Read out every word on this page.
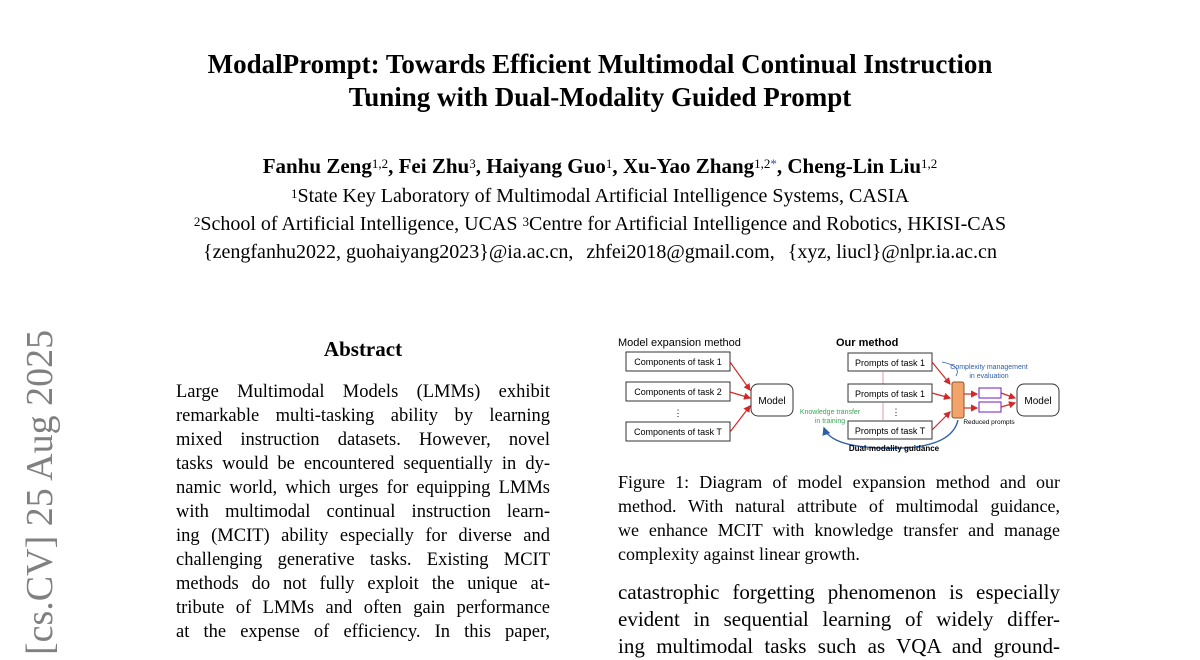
ModalPrompt: Towards Efficient Multimodal Continual Instruction
Tuning with Dual-Modality Guided Prompt
Fanhu Zeng$^{1,2}$, Fei Zhu$^3$, Haiyang Guo$^1$, Xu-Yao Zhang$^{1,2*}$, Cheng-Lin Liu$^{1,2}$
$^1$State Key Laboratory of Multimodal Artificial Intelligence Systems, CASIA
$^2$School of Artificial Intelligence, UCAS $^3$Centre for Artificial Intelligence and Robotics, HKISI-CAS
{zengfanhu2022, guohaiyang2023}@ia.ac.cn, zhfei2018@gmail.com, {xyz, liucl}@nlpr.ia.ac.cn
[cs.CV] 25 Aug 2025	Abstract
Large Multimodal Models (LMMs) exhibit
remarkable multi-tasking ability by learning
mixed instruction datasets. However, novel
tasks would be encountered sequentially in dy-
namic world, which urges for equipping LMMs
with multimodal continual instruction learn-
ing (MCIT) ability especially for diverse and
challenging generative tasks. Existing MCIT
methods do not fully exploit the unique at-
tribute of LMMs and often gain performance
at the expense of efficiency. In this paper,
Model expansion method
Components of task 1
Components of task 2
⋮
Components of task T
Model
Our method
Prompts of task 1
Prompts of task 1
⋮
Prompts of task T
Model
Complexity management
in evaluation
Reduced prompts
Knowledge transfer
in training
Dual-modality guidance
Figure 1: Diagram of model expansion method and our
method. With natural attribute of multimodal guidance,
we enhance MCIT with knowledge transfer and manage
complexity against linear growth.
catastrophic forgetting phenomenon is especially
evident in sequential learning of widely differ-
ing multimodal tasks such as VQA and ground-
